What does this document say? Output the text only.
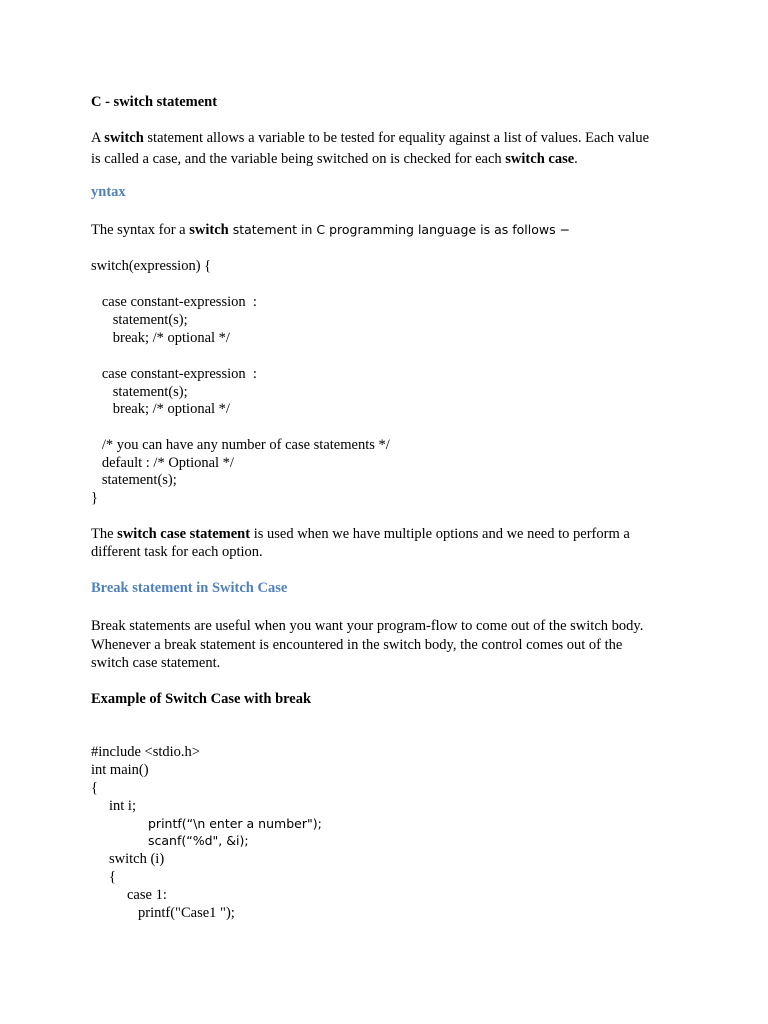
C - switch statement

A switch statement allows a variable to be tested for equality against a list of values. Each value

is called a case, and the variable being switched on is checked for each switch case.

yntax

The syntax for a switch statement in C programming language is as follows −

switch(expression) {

case constant-expression  :

statement(s);

break; /* optional */

case constant-expression  :

statement(s);

break; /* optional */

/* you can have any number of case statements */

default : /* Optional */

statement(s);

}

The switch case statement is used when we have multiple options and we need to perform a

different task for each option.

Break statement in Switch Case

Break statements are useful when you want your program-flow to come out of the switch body.

Whenever a break statement is encountered in the switch body, the control comes out of the

switch case statement.

Example of Switch Case with break

#include <stdio.h>

int main()

{

int i;

printf(“\n enter a number");

scanf(“%d", &i);

switch (i)

{

case 1:

printf("Case1 ");
